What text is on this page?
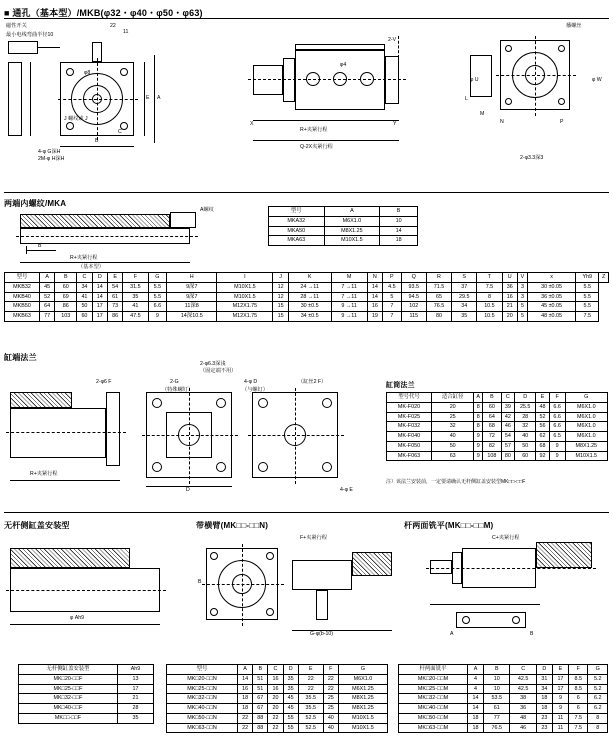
■ 通孔（基本型）/MKB(φ32・φ40・φ50・φ63)
磁性开关
最小电线弯曲半径10
22
11
φ8
J 螺纹或 J
4-φ G深H
2M-φ H深H
E A
B
C
2-V
φ4
X	Y
R+夹紧行程
Q-2X夹紧行程
播螺丝
L
M
N	P
2-φ3.3深3
φ U	φ W
两端内螺纹/MKA
A螺纹
B
R+夹紧行程
（基本型）
型号	A	B
MKA32	M6X1.0	10
MKA50	M8X1.25	14
MKA63	M10X1.5	18
型号	A	B	C	D	E	F	G	H	I	J	K	M	N	P	Q	R	S	T	U	V	x	Yh9	Z
MKB32	45	60	34	14	54	31.5	5.5	9深7	M10X1.5	12	24 →11	7 →11	14	4.5	93.5	71.5	37	7.5	36	3	30 ±0.05	5.5	
MKB40	52	69	41	14	61	35	5.5	9深7	M10X1.5	12	28 →11	7 →11	14	5	94.5	65	29.5	8	16	3	36 ±0.05	5.5	
MKB50	64	86	50	17	73	41	6.6	11深8	M12X1.75	15	30 ±0.5	9 →11	16	7	102	76.5	34	10.5	21	5	45 ±0.05	5.5	
MKB63	77	103	60	17	86	47.5	9	14深10.5	M12X1.75	15	34 ±0.5	9 →11	19	7	115	80	35	10.5	20	5	48 ±0.05	7.5	
缸端法兰
2-φ6.3深浅
（固定端不用）
2-φ6 F	2-G
（特殊螺钉）
4-φ D
（与螺钉）
（缸丝2 F）
R+夹紧行程
D	4-φ E
缸筒法兰
型号代号	适合缸径	A	B	C	D	E	F	G
MK-F020	20	8	60	39	25.5	48	6.6	M6X1.0
MK-F025	25	8	64	42	28	52	6.6	M6X1.0
MK-F032	32	8	68	46	32	56	6.6	M6X1.0
MK-F040	40	9	72	54	40	62	6.5	M6X1.0
MK-F050	50	9	82	57	50	68	9	M8X1.25
MK-F063	63	9	108	80	60	92	9	M10X1.5
注）该法兰安装前，一定要请确认无杆侧缸盖安装型MK□□-□□F
无杆侧缸盖安装型	带横臂(MK□□-□□N)	杆两面铣平(MK□□-□□M)
φ Ah9
F+夹紧行程
B
G-φ(b-10)
C+夹紧行程
A	B
无杆侧缸盖安装型	Ah9
MK□20-□□F	13
MK□25-□□F	17
MK□32-□□F	21
MK□40-□□F	28
MK□□-□□F	35
型号	A	B	C	D	E	F	G
MK□20-□□N	14	51	16	35	22	22	M6X1.0
MK□25-□□N	16	51	16	35	22	22	M6X1.25
MK□32-□□N	18	67	20	45	35.5	25	M8X1.25
MK□40-□□N	18	67	20	45	35.5	25	M8X1.25
MK□50-□□N	22	88	22	55	52.5	40	M10X1.5
MK□63-□□N	22	88	22	55	52.5	40	M10X1.5
杆两面铣平	A	B	C	D	E	F	G
MK□20-□□M	4	10	42.5	31	17	8.5	5.2
MK□25-□□M	4	10	42.5	34	17	8.5	5.2
MK□32-□□M	14	53.5	38	18	9	6	6.2
MK□40-□□M	14	61	36	18	9	6	6.2
MK□50-□□M	18	77	48	23	11	7.5	8
MK□63-□□M	18	76.5	46	23	11	7.5	8
